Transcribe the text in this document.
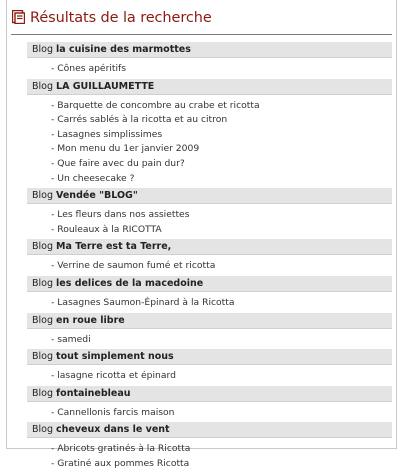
Résultats de la recherche
Blog la cuisine des marmottes
- Cônes apéritifs
Blog LA GUILLAUMETTE
- Barquette de concombre au crabe et ricotta
- Carrés sablés à la ricotta et au citron
- Lasagnes simplissimes
- Mon menu du 1er janvier 2009
- Que faire avec du pain dur?
- Un cheesecake ?
Blog Vendée "BLOG"
- Les fleurs dans nos assiettes
- Rouleaux à la RICOTTA
Blog Ma Terre est ta Terre,
- Verrine de saumon fumé et ricotta
Blog les delices de la macedoine
- Lasagnes Saumon-Épinard à la Ricotta
Blog en roue libre
- samedi
Blog tout simplement nous
- lasagne ricotta et épinard
Blog fontainebleau
- Cannellonis farcis maison
Blog cheveux dans le vent
- Abricots gratinés à la Ricotta
- Gratiné aux pommes Ricotta
